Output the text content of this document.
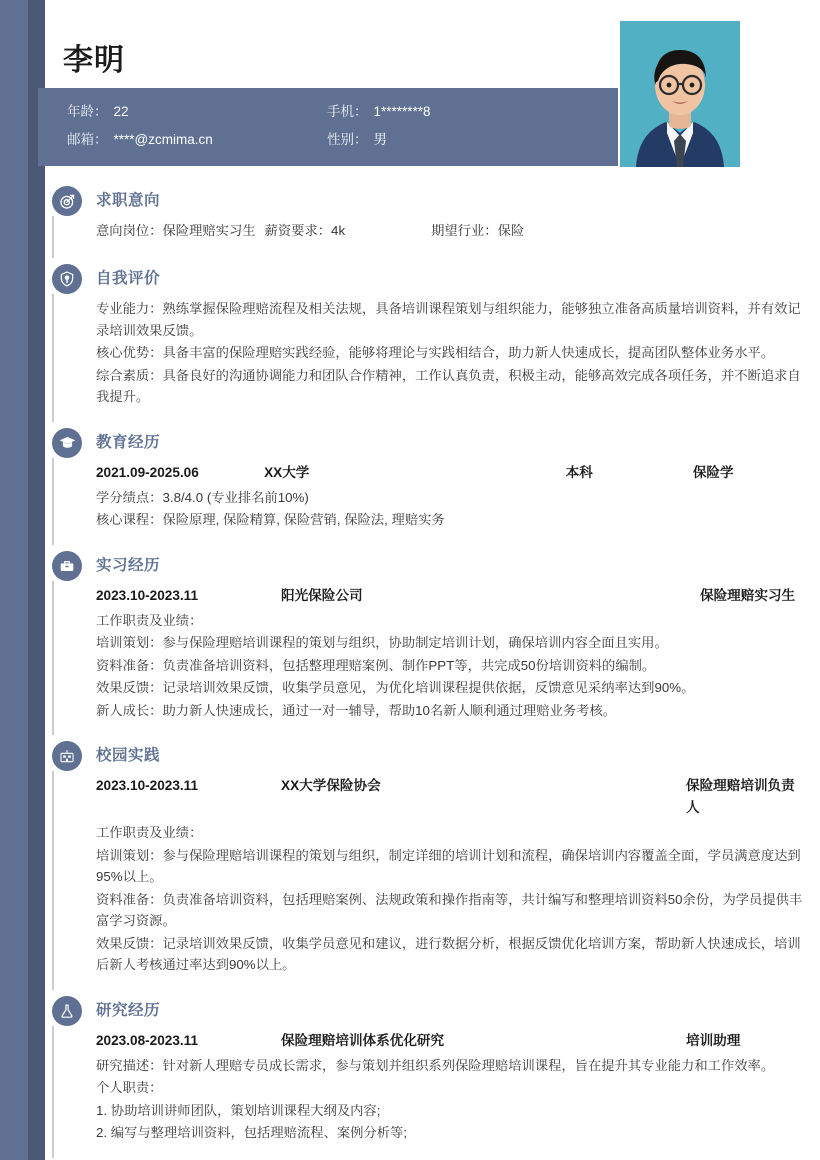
李明
年龄： 22	手机： 1********8
邮箱： ****@zcmima.cn	性别： 男
求职意向
意向岗位： 保险理赔实习生 薪资要求： 4k	期望行业： 保险
自我评价

专业能力：熟练掌握保险理赔流程及相关法规，具备培训课程策划与组织能力，能够独立准备高质量培训资料，并有效记录培训效果反馈。

核心优势：具备丰富的保险理赔实践经验，能够将理论与实践相结合，助力新人快速成长，提高团队整体业务水平。

综合素质：具备良好的沟通协调能力和团队合作精神，工作认真负责，积极主动，能够高效完成各项任务，并不断追求自我提升。

教育经历
2021.09-2025.06	XX大学	本科	保险学

学分绩点：3.8/4.0 (专业排名前10%)

核心课程：保险原理, 保险精算, 保险营销, 保险法, 理赔实务

实习经历
2023.10-2023.11	阳光保险公司	保险理赔实习生

工作职责及业绩：

培训策划：参与保险理赔培训课程的策划与组织，协助制定培训计划，确保培训内容全面且实用。

资料准备：负责准备培训资料，包括整理理赔案例、制作PPT等，共完成50份培训资料的编制。

效果反馈：记录培训效果反馈，收集学员意见，为优化培训课程提供依据，反馈意见采纳率达到90%。

新人成长：助力新人快速成长，通过一对一辅导，帮助10名新人顺利通过理赔业务考核。

校园实践
2023.10-2023.11	XX大学保险协会	保险理赔培训负责人

工作职责及业绩：

培训策划：参与保险理赔培训课程的策划与组织，制定详细的培训计划和流程，确保培训内容覆盖全面，学员满意度达到95%以上。

资料准备：负责准备培训资料，包括理赔案例、法规政策和操作指南等，共计编写和整理培训资料50余份，为学员提供丰富学习资源。

效果反馈：记录培训效果反馈，收集学员意见和建议，进行数据分析，根据反馈优化培训方案，帮助新人快速成长，培训后新人考核通过率达到90%以上。

研究经历
2023.08-2023.11	保险理赔培训体系优化研究	培训助理

研究描述：针对新人理赔专员成长需求，参与策划并组织系列保险理赔培训课程，旨在提升其专业能力和工作效率。

个人职责：

1. 协助培训讲师团队，策划培训课程大纲及内容;

2. 编写与整理培训资料，包括理赔流程、案例分析等;
